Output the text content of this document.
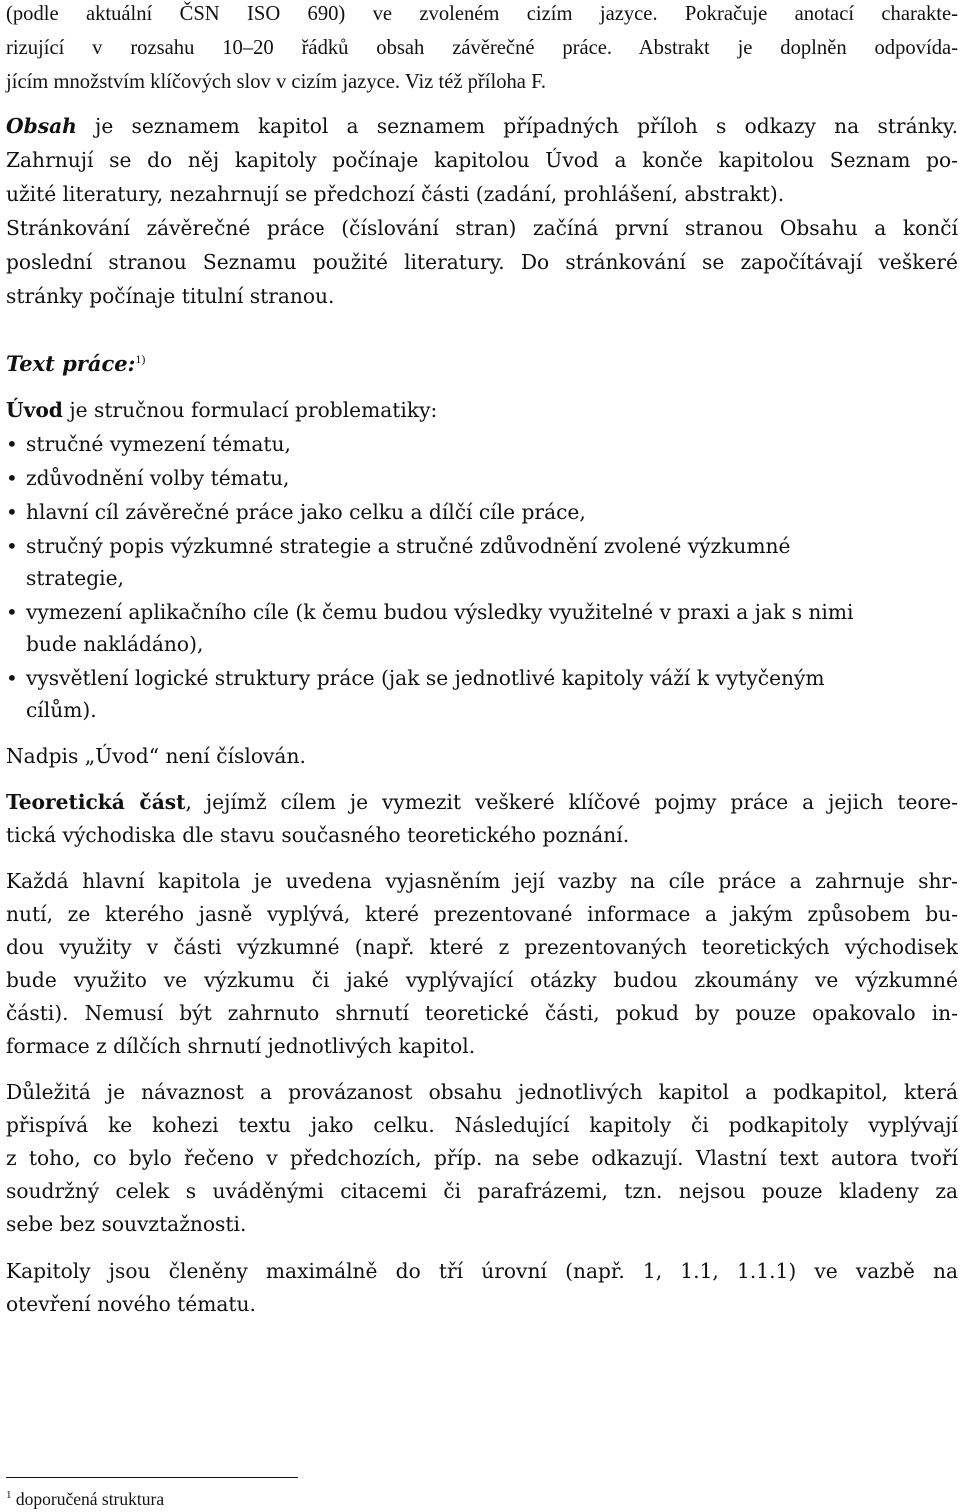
(podle aktuální ČSN ISO 690) ve zvoleném cizím jazyce. Pokračuje anotací charakte-
rizující v rozsahu 10–20 řádků obsah závěrečné práce. Abstrakt je doplněn odpovída-
jícím množstvím klíčových slov v cizím jazyce. Viz též příloha F.
Obsah je seznamem kapitol a seznamem případných příloh s odkazy na stránky.
Zahrnují se do něj kapitoly počínaje kapitolou Úvod a konče kapitolou Seznam po-
užité literatury, nezahrnují se předchozí části (zadání, prohlášení, abstrakt).
Stránkování závěrečné práce (číslování stran) začíná první stranou Obsahu a končí
poslední stranou Seznamu použité literatury. Do stránkování se započítávají veškeré
stránky počínaje titulní stranou.
Text práce:$^{1)}$
Úvod je stručnou formulací problematiky:
• stručné vymezení tématu,
• zdůvodnění volby tématu,
• hlavní cíl závěrečné práce jako celku a dílčí cíle práce,
• stručný popis výzkumné strategie a stručné zdůvodnění zvolené výzkumné
strategie,
• vymezení aplikačního cíle (k čemu budou výsledky využitelné v praxi a jak s nimi
bude nakládáno),
• vysvětlení logické struktury práce (jak se jednotlivé kapitoly váží k vytyčeným
cílům).
Nadpis „Úvod“ není číslován.
Teoretická část, jejímž cílem je vymezit veškeré klíčové pojmy práce a jejich teore-
tická východiska dle stavu současného teoretického poznání.
Každá hlavní kapitola je uvedena vyjasněním její vazby na cíle práce a zahrnuje shr-
nutí, ze kterého jasně vyplývá, které prezentované informace a jakým způsobem bu-
dou využity v části výzkumné (např. které z prezentovaných teoretických východisek
bude využito ve výzkumu či jaké vyplývající otázky budou zkoumány ve výzkumné
části). Nemusí být zahrnuto shrnutí teoretické části, pokud by pouze opakovalo in-
formace z dílčích shrnutí jednotlivých kapitol.
Důležitá je návaznost a provázanost obsahu jednotlivých kapitol a podkapitol, která
přispívá ke kohezi textu jako celku. Následující kapitoly či podkapitoly vyplývají
z toho, co bylo řečeno v předchozích, příp. na sebe odkazují. Vlastní text autora tvoří
soudržný celek s uváděnými citacemi či parafrázemi, tzn. nejsou pouze kladeny za
sebe bez souvztažnosti.
Kapitoly jsou členěny maximálně do tří úrovní (např. 1, 1.1, 1.1.1) ve vazbě na
otevření nového tématu.
$^1$ doporučená struktura
